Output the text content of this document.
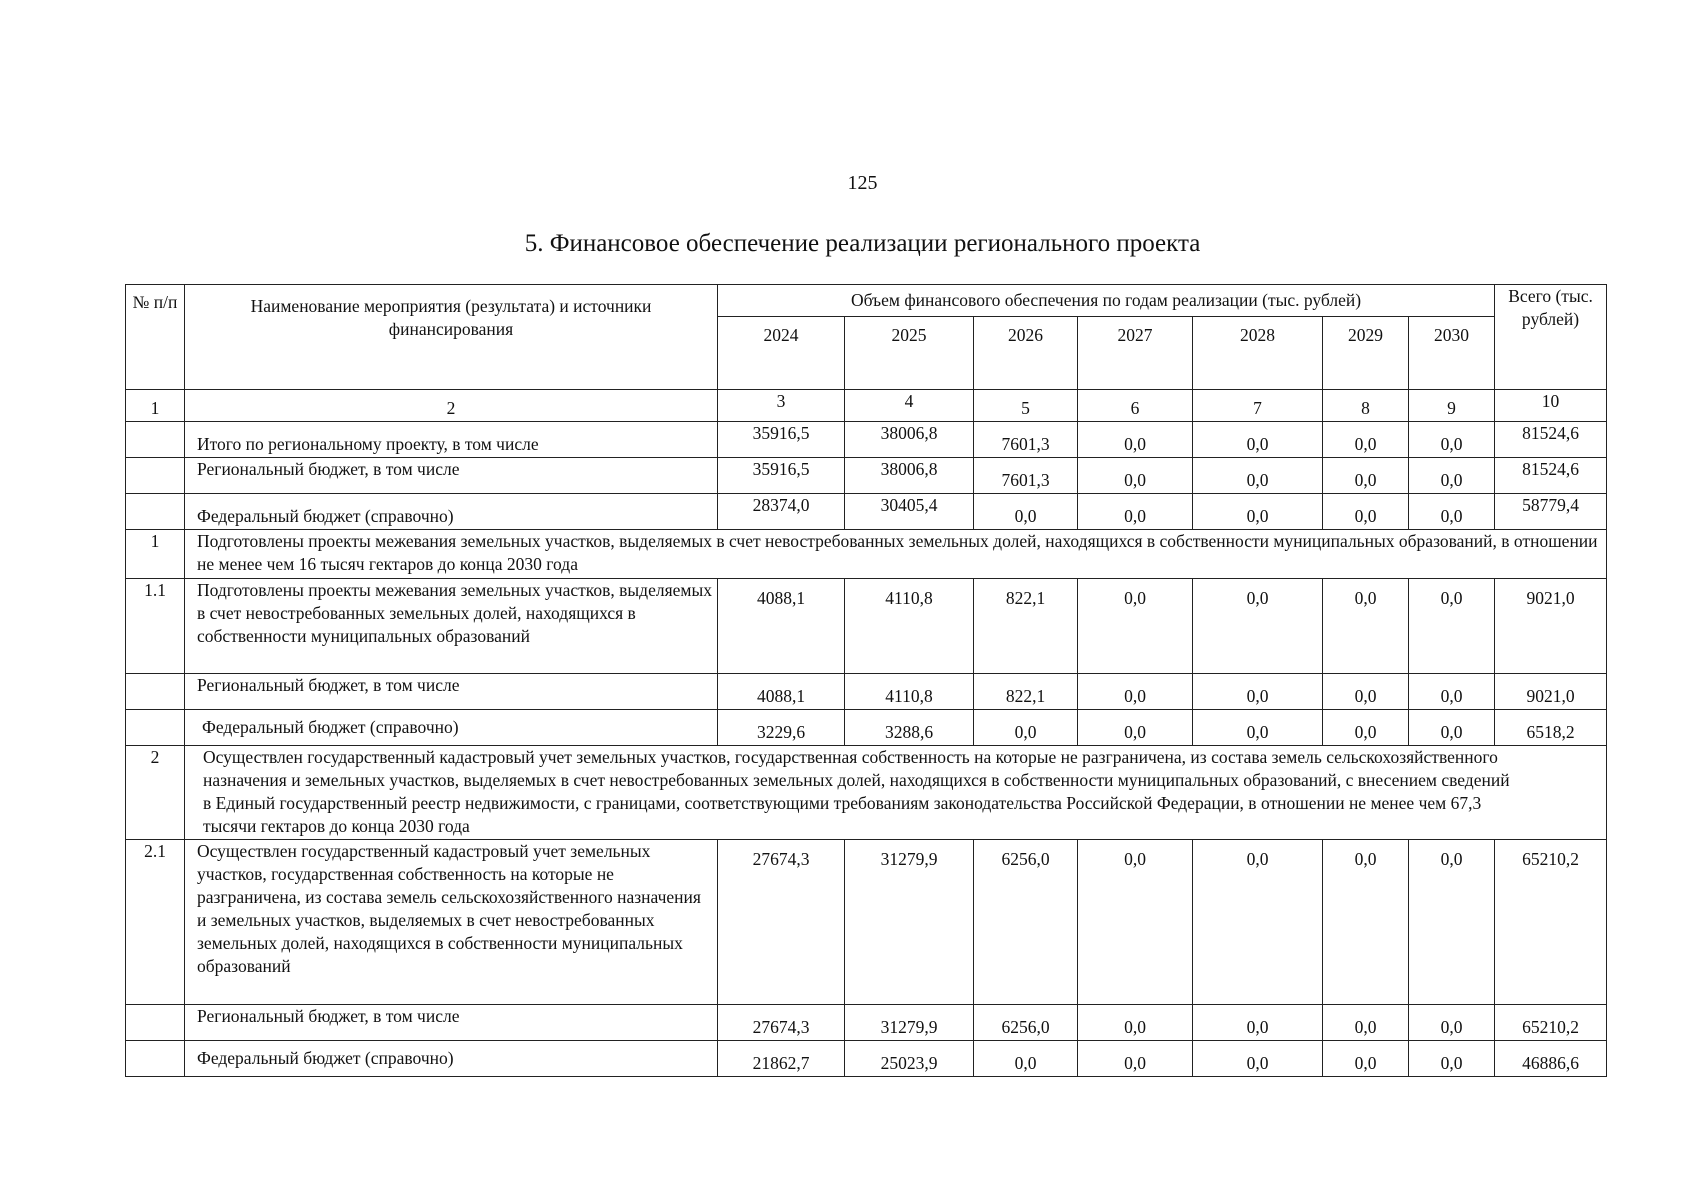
125
5. Финансовое обеспечение реализации регионального проекта
№ п/п	Наименование мероприятия (результата) и источники финансирования	Объем финансового обеспечения по годам реализации (тыс. рублей)							Всего (тыс. рублей)
		2024	2025	2026	2027	2028	2029	2030	
1	2	3	4	5	6	7	8	9	10
	Итого по региональному проекту, в том числе	35916,5	38006,8	7601,3	0,0	0,0	0,0	0,0	81524,6
	Региональный бюджет, в том числе	35916,5	38006,8	7601,3	0,0	0,0	0,0	0,0	81524,6
	Федеральный бюджет (справочно)	28374,0	30405,4	0,0	0,0	0,0	0,0	0,0	58779,4
1	Подготовлены проекты межевания земельных участков, выделяемых в счет невостребованных земельных долей, находящихся в собственности муниципальных образований, в отношении не менее чем 16 тысяч гектаров до конца 2030 года								
1.1	Подготовлены проекты межевания земельных участков, выделяемых в счет невостребованных земельных долей, находящихся в собственности муниципальных образований	4088,1	4110,8	822,1	0,0	0,0	0,0	0,0	9021,0
	Региональный бюджет, в том числе	4088,1	4110,8	822,1	0,0	0,0	0,0	0,0	9021,0
	Федеральный бюджет (справочно)	3229,6	3288,6	0,0	0,0	0,0	0,0	0,0	6518,2
2	Осуществлен государственный кадастровый учет земельных участков, государственная собственность на которые не разграничена, из состава земель сельскохозяйственного назначения и земельных участков, выделяемых в счет невостребованных земельных долей, находящихся в собственности муниципальных образований, с внесением сведений в Единый государственный реестр недвижимости, с границами, соответствующими требованиям законодательства Российской Федерации, в отношении не менее чем 67,3 тысячи гектаров до конца 2030 года								
2.1	Осуществлен государственный кадастровый учет земельных участков, государственная собственность на которые не разграничена, из состава земель сельскохозяйственного назначения и земельных участков, выделяемых в счет невостребованных земельных долей, находящихся в собственности муниципальных образований	27674,3	31279,9	6256,0	0,0	0,0	0,0	0,0	65210,2
	Региональный бюджет, в том числе	27674,3	31279,9	6256,0	0,0	0,0	0,0	0,0	65210,2
	Федеральный бюджет (справочно)	21862,7	25023,9	0,0	0,0	0,0	0,0	0,0	46886,6
